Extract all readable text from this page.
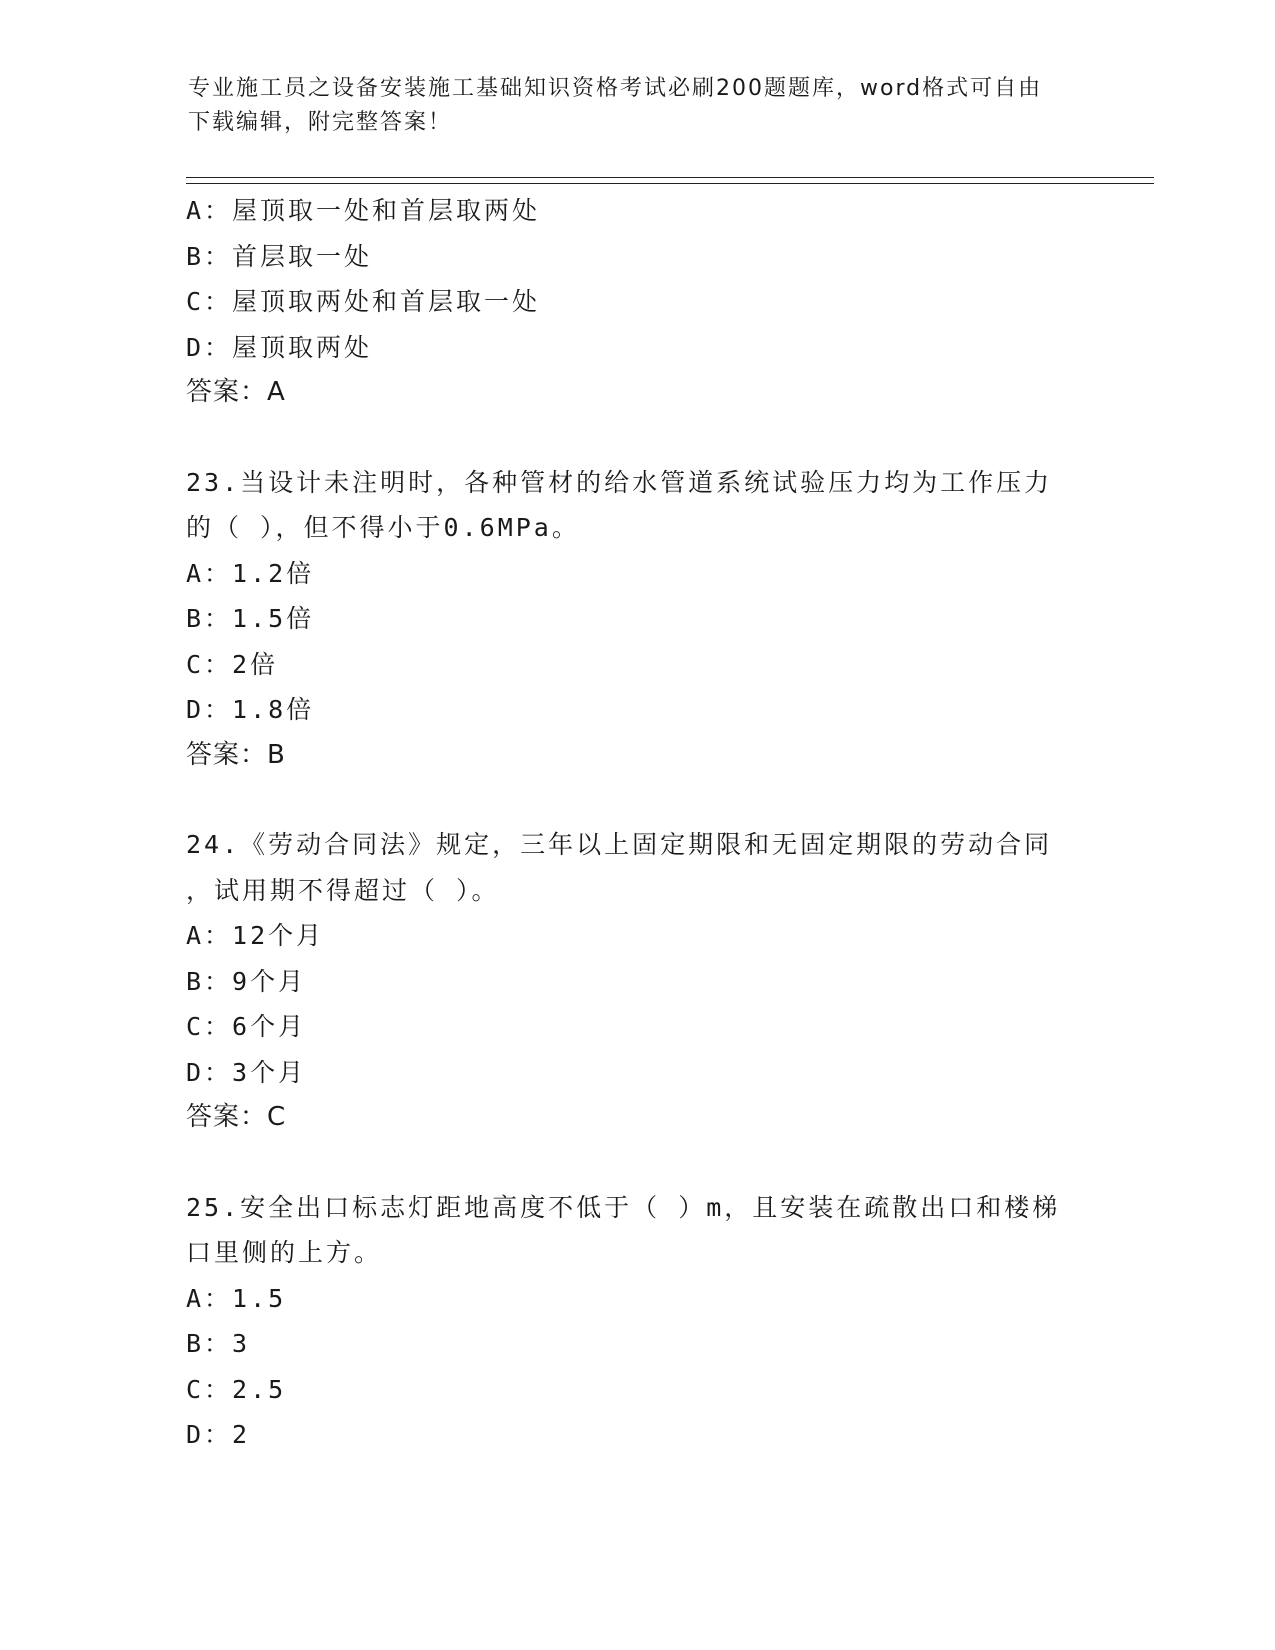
专业施工员之设备安装施工基础知识资格考试必刷200题题库，word格式可自由
下载编辑，附完整答案！
A：屋顶取一处和首层取两处
B：首层取一处
C：屋顶取两处和首层取一处
D：屋顶取两处
答案：A
23.当设计未注明时，各种管材的给水管道系统试验压力均为工作压力
的（ ），但不得小于0.6MPa。
A：1.2倍
B：1.5倍
C：2倍
D：1.8倍
答案：B
24.《劳动合同法》规定，三年以上固定期限和无固定期限的劳动合同
，试用期不得超过（ ）。
A：12个月
B：9个月
C：6个月
D：3个月
答案：C
25.安全出口标志灯距地高度不低于（ ）m，且安装在疏散出口和楼梯
口里侧的上方。
A：1.5
B：3
C：2.5
D：2
